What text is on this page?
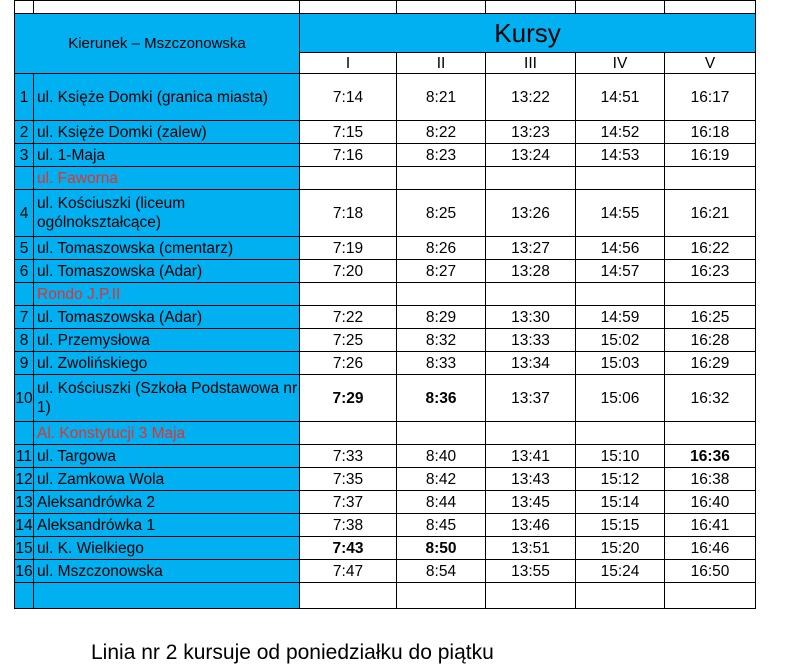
Kierunek – Mszczonowska		Kursy				
		I	II	III	IV	V
1	ul. Księże Domki (granica miasta)	7:14	8:21	13:22	14:51	16:17
2	ul. Księże Domki (zalew)	7:15	8:22	13:23	14:52	16:18
3	ul. 1-Maja	7:16	8:23	13:24	14:53	16:19
	ul. Faworna					
4	ul. Kościuszki (liceum ogólnokształcące)	7:18	8:25	13:26	14:55	16:21
5	ul. Tomaszowska (cmentarz)	7:19	8:26	13:27	14:56	16:22
6	ul. Tomaszowska (Adar)	7:20	8:27	13:28	14:57	16:23
	Rondo J.P.II					
7	ul. Tomaszowska (Adar)	7:22	8:29	13:30	14:59	16:25
8	ul. Przemysłowa	7:25	8:32	13:33	15:02	16:28
9	ul. Zwolińskiego	7:26	8:33	13:34	15:03	16:29
10	ul. Kościuszki (Szkoła Podstawowa nr 1)	7:29	8:36	13:37	15:06	16:32
	Al. Konstytucji 3 Maja					
11	ul. Targowa	7:33	8:40	13:41	15:10	16:36
12	ul. Zamkowa Wola	7:35	8:42	13:43	15:12	16:38
13	Aleksandrówka 2	7:37	8:44	13:45	15:14	16:40
14	Aleksandrówka 1	7:38	8:45	13:46	15:15	16:41
15	ul. K. Wielkiego	7:43	8:50	13:51	15:20	16:46
16	ul. Mszczonowska	7:47	8:54	13:55	15:24	16:50

Linia nr 2 kursuje od poniedziałku do piątku
